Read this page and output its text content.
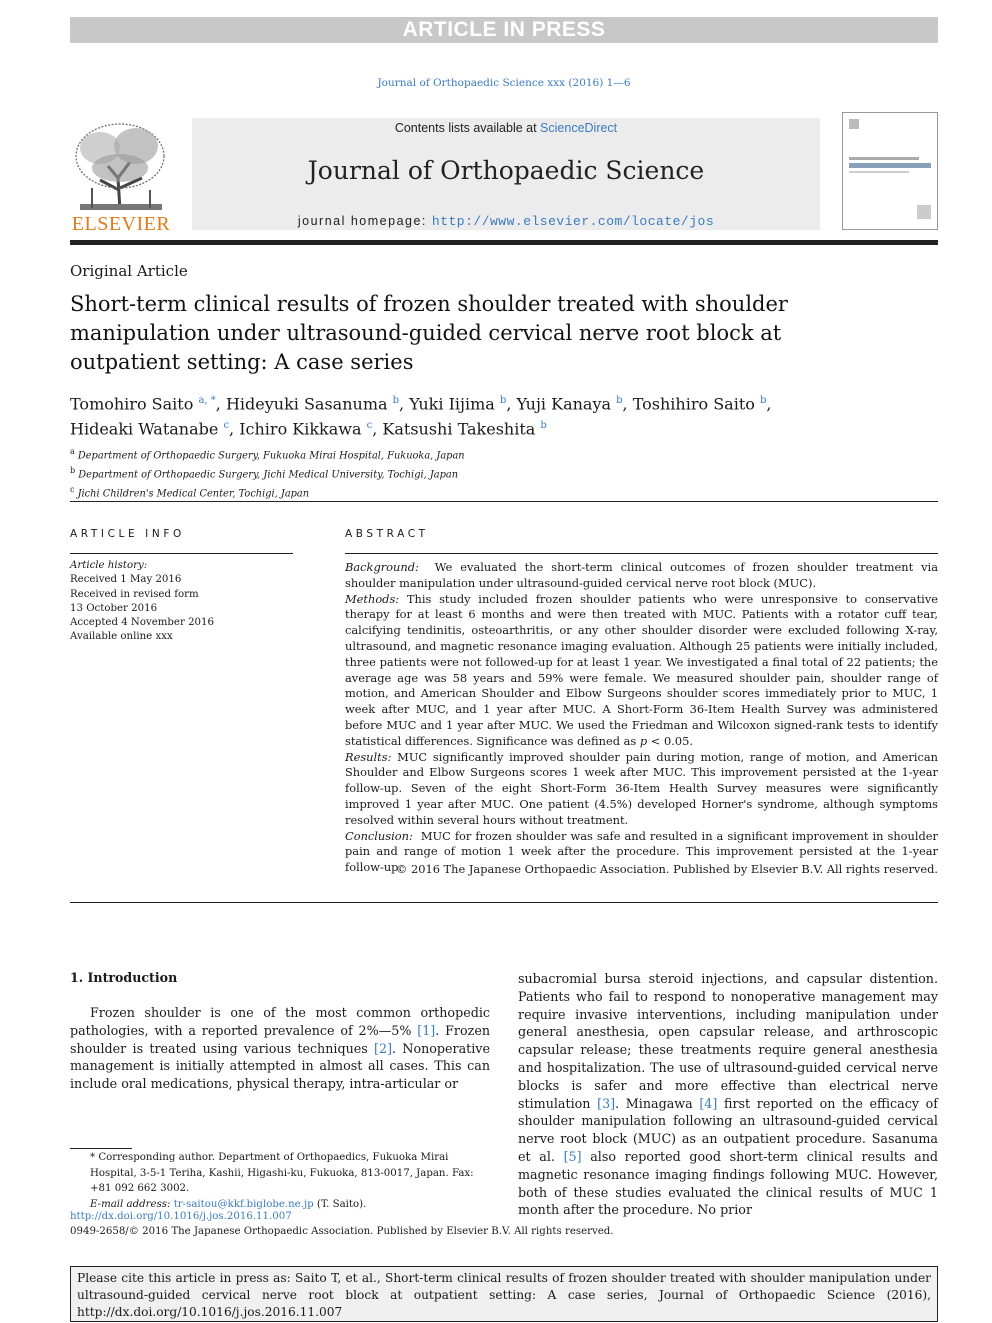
ARTICLE IN PRESS
Journal of Orthopaedic Science xxx (2016) 1—6
ELSEVIER
Contents lists available at ScienceDirect
Journal of Orthopaedic Science
journal homepage: http://www.elsevier.com/locate/jos
Original Article
Short-term clinical results of frozen shoulder treated with shoulder manipulation under ultrasound-guided cervical nerve root block at outpatient setting: A case series
Tomohiro Saito $^{a, *}$, Hideyuki Sasanuma $^b$, Yuki Iijima $^b$, Yuji Kanaya $^b$, Toshihiro Saito $^b$,
Hideaki Watanabe $^c$, Ichiro Kikkawa $^c$, Katsushi Takeshita $^b$
$^a$ Department of Orthopaedic Surgery, Fukuoka Mirai Hospital, Fukuoka, Japan
$^b$ Department of Orthopaedic Surgery, Jichi Medical University, Tochigi, Japan
$^c$ Jichi Children's Medical Center, Tochigi, Japan
ARTICLE INFO
Article history:
Received 1 May 2016
Received in revised form
13 October 2016
Accepted 4 November 2016
Available online xxx
ABSTRACT
Background: We evaluated the short-term clinical outcomes of frozen shoulder treatment via shoulder manipulation under ultrasound-guided cervical nerve root block (MUC).
Methods: This study included frozen shoulder patients who were unresponsive to conservative therapy for at least 6 months and were then treated with MUC. Patients with a rotator cuff tear, calcifying tendinitis, osteoarthritis, or any other shoulder disorder were excluded following X-ray, ultrasound, and magnetic resonance imaging evaluation. Although 25 patients were initially included, three patients were not followed-up for at least 1 year. We investigated a final total of 22 patients; the average age was 58 years and 59% were female. We measured shoulder pain, shoulder range of motion, and American Shoulder and Elbow Surgeons shoulder scores immediately prior to MUC, 1 week after MUC, and 1 year after MUC. A Short-Form 36-Item Health Survey was administered before MUC and 1 year after MUC. We used the Friedman and Wilcoxon signed-rank tests to identify statistical differences. Significance was defined as p < 0.05.
Results: MUC significantly improved shoulder pain during motion, range of motion, and American Shoulder and Elbow Surgeons scores 1 week after MUC. This improvement persisted at the 1-year follow-up. Seven of the eight Short-Form 36-Item Health Survey measures were significantly improved 1 year after MUC. One patient (4.5%) developed Horner's syndrome, although symptoms resolved within several hours without treatment.
Conclusion: MUC for frozen shoulder was safe and resulted in a significant improvement in shoulder pain and range of motion 1 week after the procedure. This improvement persisted at the 1-year follow-up.
© 2016 The Japanese Orthopaedic Association. Published by Elsevier B.V. All rights reserved.
1. Introduction
Frozen shoulder is one of the most common orthopedic pathologies, with a reported prevalence of 2%—5% [1]. Frozen shoulder is treated using various techniques [2]. Nonoperative management is initially attempted in almost all cases. This can include oral medications, physical therapy, intra-articular or
subacromial bursa steroid injections, and capsular distention. Patients who fail to respond to nonoperative management may require invasive interventions, including manipulation under general anesthesia, open capsular release, and arthroscopic capsular release; these treatments require general anesthesia and hospitalization. The use of ultrasound-guided cervical nerve blocks is safer and more effective than electrical nerve stimulation [3]. Minagawa [4] first reported on the efficacy of shoulder manipulation following an ultrasound-guided cervical nerve root block (MUC) as an outpatient procedure. Sasanuma et al. [5] also reported good short-term clinical results and magnetic resonance imaging findings following MUC. However, both of these studies evaluated the clinical results of MUC 1 month after the procedure. No prior
* Corresponding author. Department of Orthopaedics, Fukuoka Mirai Hospital, 3-5-1 Teriha, Kashii, Higashi-ku, Fukuoka, 813-0017, Japan. Fax: +81 092 662 3002.
E-mail address: tr-saitou@kkf.biglobe.ne.jp (T. Saito).
http://dx.doi.org/10.1016/j.jos.2016.11.007
0949-2658/© 2016 The Japanese Orthopaedic Association. Published by Elsevier B.V. All rights reserved.
Please cite this article in press as: Saito T, et al., Short-term clinical results of frozen shoulder treated with shoulder manipulation under ultrasound-guided cervical nerve root block at outpatient setting: A case series, Journal of Orthopaedic Science (2016), http://dx.doi.org/10.1016/j.jos.2016.11.007
